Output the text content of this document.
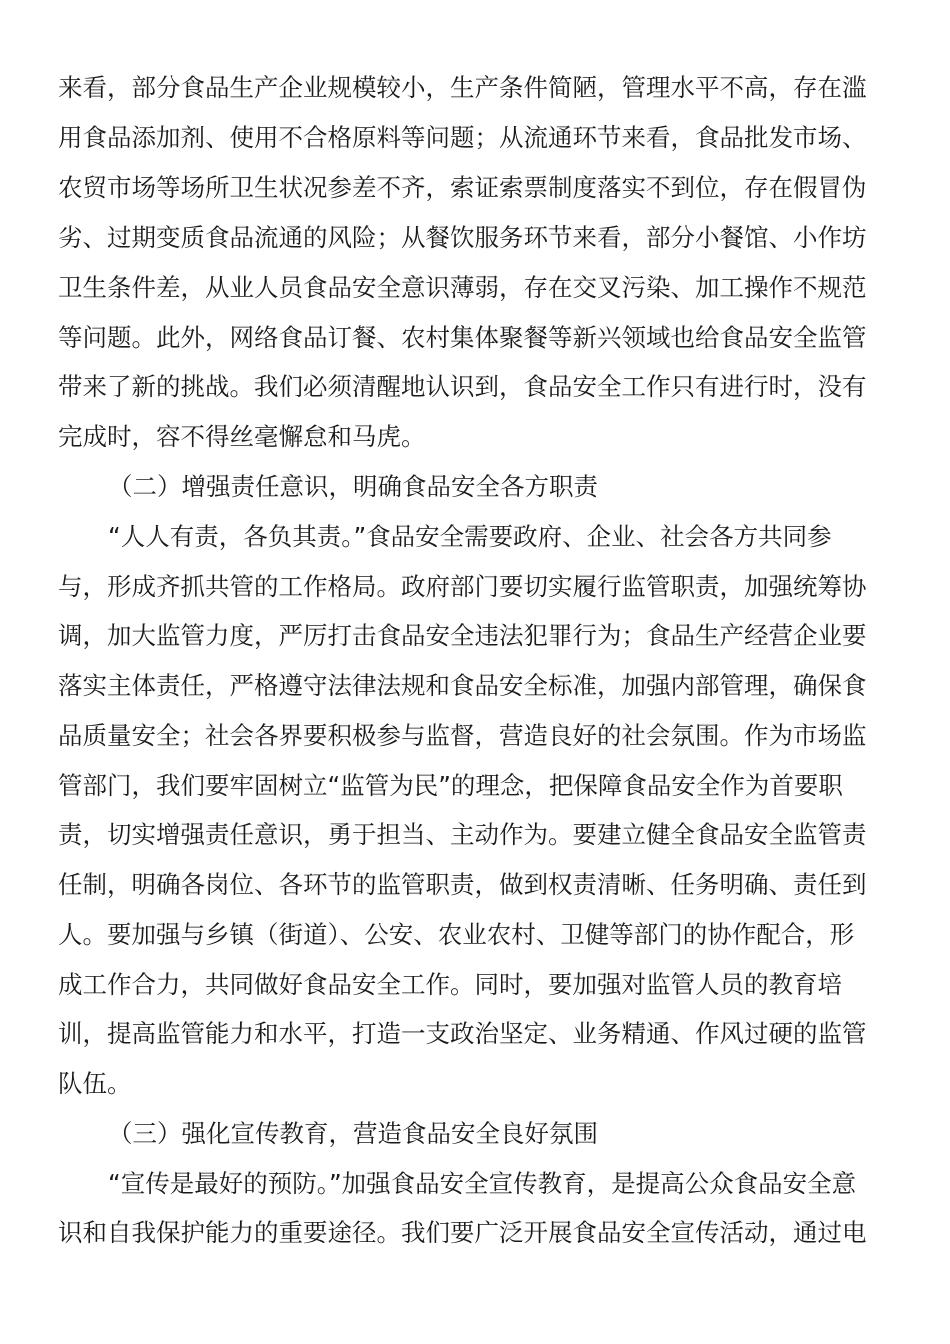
来看，部分食品生产企业规模较小，生产条件简陋，管理水平不高，存在滥
用食品添加剂、使用不合格原料等问题；从流通环节来看，食品批发市场、
农贸市场等场所卫生状况参差不齐，索证索票制度落实不到位，存在假冒伪
劣、过期变质食品流通的风险；从餐饮服务环节来看，部分小餐馆、小作坊
卫生条件差，从业人员食品安全意识薄弱，存在交叉污染、加工操作不规范
等问题。此外，网络食品订餐、农村集体聚餐等新兴领域也给食品安全监管
带来了新的挑战。我们必须清醒地认识到，食品安全工作只有进行时，没有
完成时，容不得丝毫懈怠和马虎。
（二）增强责任意识，明确食品安全各方职责
“人人有责，各负其责。”食品安全需要政府、企业、社会各方共同参
与，形成齐抓共管的工作格局。政府部门要切实履行监管职责，加强统筹协
调，加大监管力度，严厉打击食品安全违法犯罪行为；食品生产经营企业要
落实主体责任，严格遵守法律法规和食品安全标准，加强内部管理，确保食
品质量安全；社会各界要积极参与监督，营造良好的社会氛围。作为市场监
管部门，我们要牢固树立“监管为民”的理念，把保障食品安全作为首要职
责，切实增强责任意识，勇于担当、主动作为。要建立健全食品安全监管责
任制，明确各岗位、各环节的监管职责，做到权责清晰、任务明确、责任到
人。要加强与乡镇（街道）、公安、农业农村、卫健等部门的协作配合，形
成工作合力，共同做好食品安全工作。同时，要加强对监管人员的教育培
训，提高监管能力和水平，打造一支政治坚定、业务精通、作风过硬的监管
队伍。
（三）强化宣传教育，营造食品安全良好氛围
“宣传是最好的预防。”加强食品安全宣传教育，是提高公众食品安全意
识和自我保护能力的重要途径。我们要广泛开展食品安全宣传活动，通过电
